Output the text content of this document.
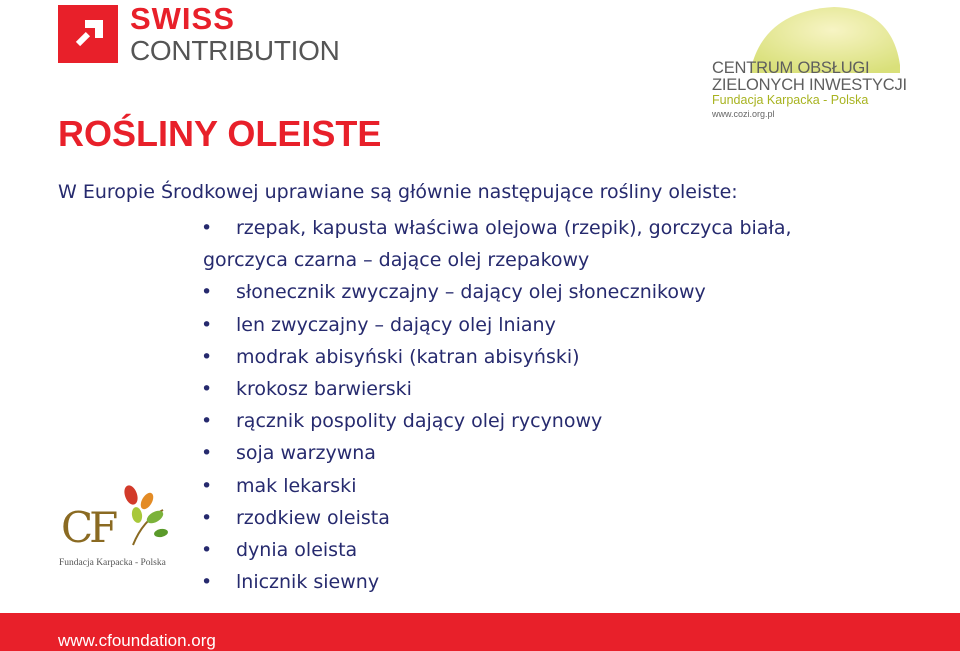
SWISS
CONTRIBUTION
CENTRUM OBSŁUGI
ZIELONYCH INWESTYCJI
Fundacja Karpacka - Polska
www.cozi.org.pl
ROŚLINY OLEISTE
W Europie Środkowej uprawiane są głównie następujące rośliny oleiste:
• rzepak, kapusta właściwa olejowa (rzepik), gorczyca biała,
gorczyca czarna – dające olej rzepakowy
• słonecznik zwyczajny – dający olej słonecznikowy
• len zwyczajny – dający olej lniany
• modrak abisyński (katran abisyński)
• krokosz barwierski
• rącznik pospolity dający olej rycynowy
• soja warzywna
• mak lekarski
• rzodkiew oleista
• dynia oleista
• lnicznik siewny
CF
Fundacja Karpacka - Polska
www.cfoundation.org
